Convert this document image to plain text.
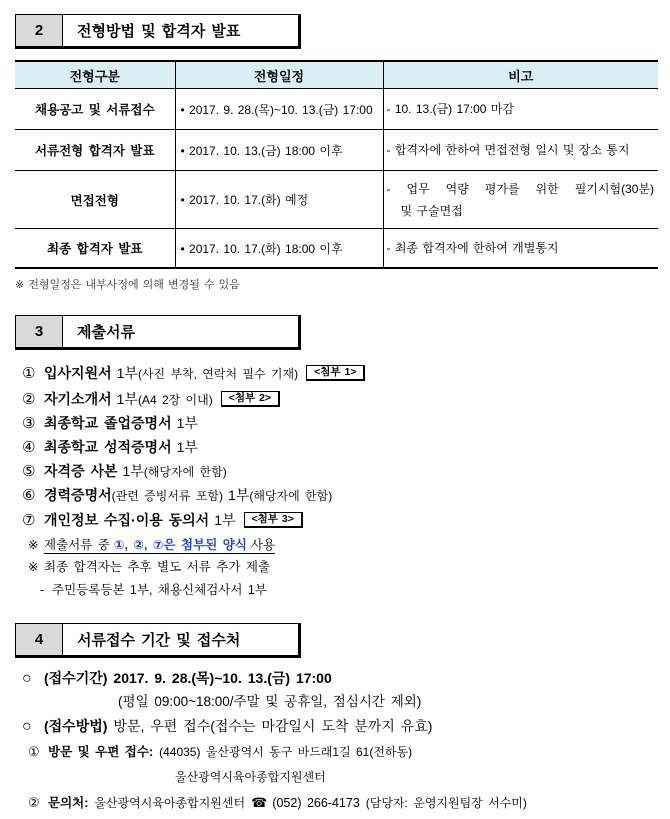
2	전형방법 및 합격자 발표
전형구분	전형일정	비고
채용공고 및 서류접수	• 2017. 9. 28.(목)~10. 13.(금) 17:00	- 10. 13.(금) 17:00 마감

서류전형 합격자 발표	• 2017. 10. 13.(금) 18:00 이후	- 합격자에 한하여 면접전형 일시 및 장소 통지

면접전형	• 2017. 10. 17.(화) 예정	- 업무 역량 평가를 위한 필기시험(30분)
및 구술면접

최종 합격자 발표	• 2017. 10. 17.(화) 18:00 이후	- 최종 합격자에 한하여 개별통지
※ 전형일정은 내부사정에 의해 변경될 수 있음
3	제출서류
① 입사지원서 1부(사진 부착, 연락처 필수 기재) <첨부 1>
② 자기소개서 1부(A4 2장 이내) <첨부 2>
③ 최종학교 졸업증명서 1부
④ 최종학교 성적증명서 1부
⑤ 자격증 사본 1부(해당자에 한함)
⑥ 경력증명서(관련 증빙서류 포함) 1부(해당자에 한함)
⑦ 개인정보 수집·이용 동의서 1부 <첨부 3>
※ 제출서류 중 ①, ②, ⑦은 첨부된 양식 사용
※ 최종 합격자는 추후 별도 서류 추가 제출
- 주민등록등본 1부, 채용신체검사서 1부
4	서류접수 기간 및 접수처
○ (접수기간) 2017. 9. 28.(목)~10. 13.(금) 17:00
(평일 09:00~18:00/주말 및 공휴일, 점심시간 제외)
○ (접수방법) 방문, 우편 접수(접수는 마감일시 도착 분까지 유효)
① 방문 및 우편 접수: (44035) 울산광역시 동구 바드래1길 61(전하동)
울산광역시육아종합지원센터
② 문의처: 울산광역시육아종합지원센터 ☎ (052) 266-4173 (담당자: 운영지원팀장 서수미)
